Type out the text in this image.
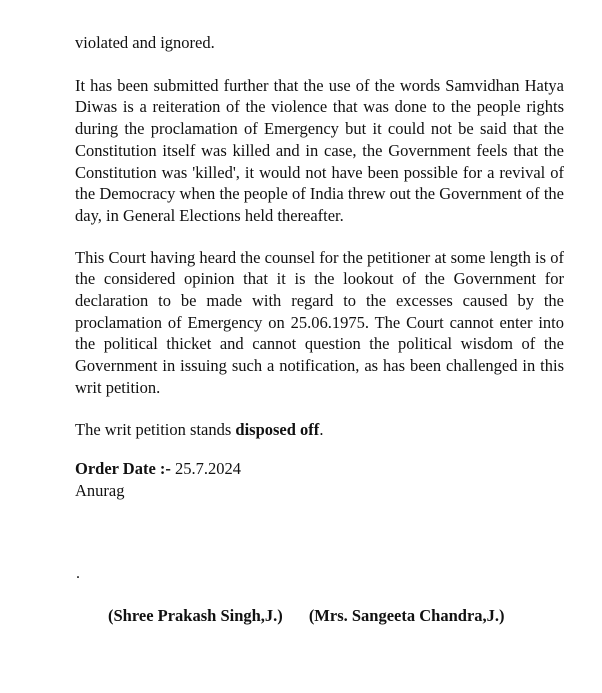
violated and ignored.

It has been submitted further that the use of the words Samvidhan Hatya Diwas is a reiteration of the violence that was done to the people rights during the proclamation of Emergency but it could not be said that the Constitution itself was killed and in case, the Government feels that the Constitution was 'killed', it would not have been possible for a revival of the Democracy when the people of India threw out the Government of the day, in General Elections held thereafter.

This Court having heard the counsel for the petitioner at some length is of the considered opinion that it is the lookout of the Government for declaration to be made with regard to the excesses caused by the proclamation of Emergency on 25.06.1975. The Court cannot enter into the political thicket and cannot question the political wisdom of the Government in issuing such a notification, as has been challenged in this writ petition.

The writ petition stands disposed off.

Order Date :- 25.7.2024
Anurag
.
(Shree Prakash Singh,J.) (Mrs. Sangeeta Chandra,J.)
